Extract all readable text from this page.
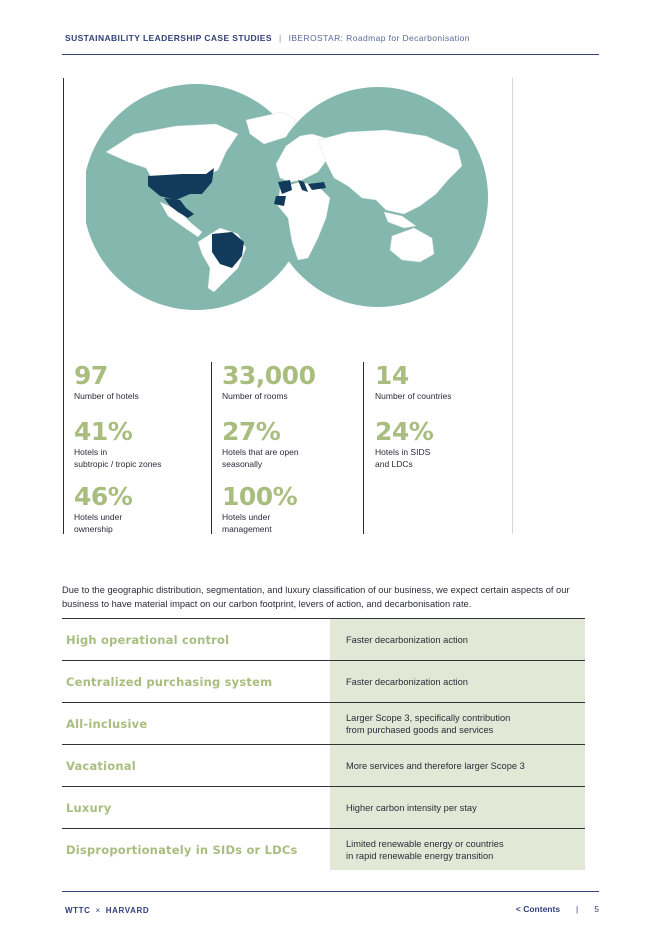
SUSTAINABILITY LEADERSHIP CASE STUDIES | IBEROSTAR: Roadmap for Decarbonisation
97
Number of hotels
33,000
Number of rooms
14
Number of countries
41%
Hotels in
subtropic / tropic zones
27%
Hotels that are open
seasonally
24%
Hotels in SIDS
and LDCs
46%
Hotels under
ownership
100%
Hotels under
management

Due to the geographic distribution, segmentation, and luxury classification of our business, we expect certain aspects of our business to have material impact on our carbon footprint, levers of action, and decarbonisation rate.

High operational control	Faster decarbonization action
Centralized purchasing system	Faster decarbonization action
All-inclusive	Larger Scope 3, specifically contribution
from purchased goods and services
Vacational	More services and therefore larger Scope 3
Luxury	Higher carbon intensity per stay
Disproportionately in SIDs or LDCs	Limited renewable energy or countries
in rapid renewable energy transition
WTTC × HARVARD	< Contents | 5
